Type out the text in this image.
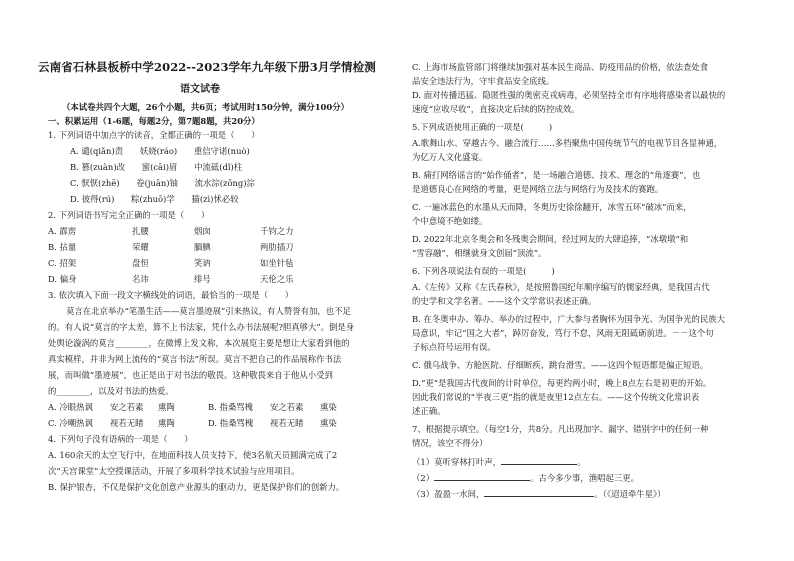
云南省石林县板桥中学2022--2023学年九年级下册3月学情检测
语文试卷
（本试卷共四个大题，26个小题，共6页；考试用时150分钟，满分100分）
一、积累运用（1-6题，每题2分，第7题8题，共20分）
1. 下列词语中加点字的读音，全都正确的一项是（　　）
A. 谴(qiǎn)责　　妖娆(ráo)　　重信守诺(nuò)
B. 篡(zuàn)改　　蜜(cāi)眉　　中流砥(dǐ)柱
C. 恹恹(zhē)　　卷(juān)铀　　流水淙(zōng)淙
D. 彼得(rú)　　粽(zhuō)学　　猫(zì)怵必较
2. 下列词语书写完全正确的一项是（　　）
A. 霹雳	扎腰	烟囱	千钧之力
B. 拈量	荣耀	腼腆	两肋插刀
C. 招架	盘恒	笑讷	如坐针毡
D. 偏身	名讳	绯号	天伦之乐
3. 依次填入下面一段文字横线处的词语，最恰当的一项是（　　）
莫言在北京举办“笔墨生活——莫言墨迹展”引来热议，有人赞誉有加，也不足
的。有人说“莫言的字太差，算不上书法家，凭什么办书法展呢?胆真够大”。倒是身
处舆论漩涡的莫言________，在微博上发文称，本次展览主要是想让大家看到他的
真实模样，并非为网上流传的“莫言书法”所误。莫言不把自己的作品展称作书法
展，而叫做“墨迹展”，也正是出于对书法的敬畏。这种敬畏来自于他从小受到
的________，以及对书法的热爱。
A. 冷眼热讽 安之若素 熏陶	B. 指桑骂槐 安之若素 熏染
C. 冷嘲热讽 视若无睹 熏陶	D. 指桑骂槐 视若无睹 熏染
4. 下列句子没有语病的一项是（　　）
A. 160余天的太空飞行中，在地面科技人员支持下，使3名航天员圆满完成了2
次“天宫课堂”太空授课活动，开展了多项科学技术试验与应用项目。
B. 保护银杏，不仅是保护文化创意产业源头的驱动力，更是保护你们的创新力。
C. 上海市场监管部门将继续加强对基本民生商品、防疫用品的价格，依法查处食
品安全违法行为，守牢食品安全底线。
D. 面对传播迅猛、隐匿性强的奥密克戎病毒，必须坚持全市有序地将感染者以最快的
速度“应收尽收”，直接决定后续的防控成效。
5.下列成语使用正确的一项是(　　　)
A.歌舞山水、穿越古今、融合流行……多档聚焦中国传统节气的电视节目各显神通，
为亿万人文化盛宴。
B. 痛打网络谣言的“始作俑者”，是一场融合道德、技术、理念的“角逐赛”，也
是道德良心在网络的考量，更是网络立法与网络行为及技术的赛跑。
C. 一遍冰蓝色的水墨从天而降，冬奥历史徐徐翻开，冰雪五环“破冰”而来，
个中意境不绝如缕。
D. 2022年北京冬奥会和冬残奥会期间，经过网友的大肆追捧，“冰墩墩”和
“雪容融”，相继就身文创届“顶流”。
6. 下列各项说法有误的一项是(　　　)
A.《左传》又称《左氏春秋》，是按照鲁国纪年顺序编写的儒家经典，是我国古代
的史学和文学名著。——这个文学常识表述正确。
B. 在冬奥申办、筹办、举办的过程中，广大参与者胸怀为国争光、为国争光的民族大
局意识，牢记“国之大者”，踔厉奋发，笃行不怠，风雨无阻砥砺前进。－－这个句
子标点符号运用有误。
C. 俄乌战争、方舱医院、仔细断疾、跳台滑雪。——这四个短语都是偏正短语。
D.“更”是我国古代夜间的计时单位，每更约两小时，晚上8点左右是初更的开始。
因此我们常说的“半夜三更”指的就是夜里12点左右。——这个传统文化常识表
述正确。
7、根据提示填空。（每空1分，共8分。凡出现加字、漏字、错别字中的任何一种
情况，该空不得分）
（1）莫听穿林打叶声，	。
（2）	。古今多少事，渔唱起三更。
（3）盈盈一水间，	。（《迢迢牵牛星》）
